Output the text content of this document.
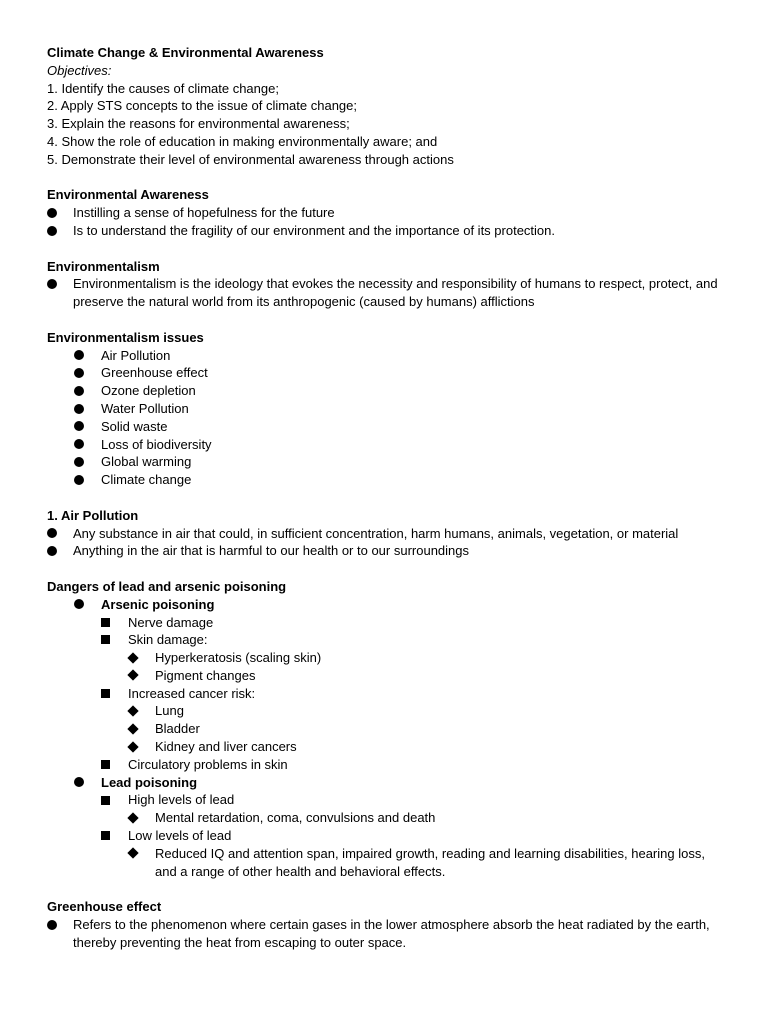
Climate Change & Environmental Awareness
Objectives:
1. Identify the causes of climate change;
2. Apply STS concepts to the issue of climate change;
3. Explain the reasons for environmental awareness;
4. Show the role of education in making environmentally aware; and
5. Demonstrate their level of environmental awareness through actions
Environmental Awareness
Instilling a sense of hopefulness for the future
Is to understand the fragility of our environment and the importance of its protection.
Environmentalism
Environmentalism is the ideology that evokes the necessity and responsibility of humans to respect, protect, and preserve the natural world from its anthropogenic (caused by humans) afflictions
Environmentalism issues
Air Pollution
Greenhouse effect
Ozone depletion
Water Pollution
Solid waste
Loss of biodiversity
Global warming
Climate change
1. Air Pollution
Any substance in air that could, in sufficient concentration, harm humans, animals, vegetation, or material
Anything in the air that is harmful to our health or to our surroundings
Dangers of lead and arsenic poisoning
Arsenic poisoning
Nerve damage
Skin damage:
Hyperkeratosis (scaling skin)
Pigment changes
Increased cancer risk:
Lung
Bladder
Kidney and liver cancers
Circulatory problems in skin
Lead poisoning
High levels of lead
Mental retardation, coma, convulsions and death
Low levels of lead
Reduced IQ and attention span, impaired growth, reading and learning disabilities, hearing loss, and a range of other health and behavioral effects.
Greenhouse effect
Refers to the phenomenon where certain gases in the lower atmosphere absorb the heat radiated by the earth, thereby preventing the heat from escaping to outer space.
